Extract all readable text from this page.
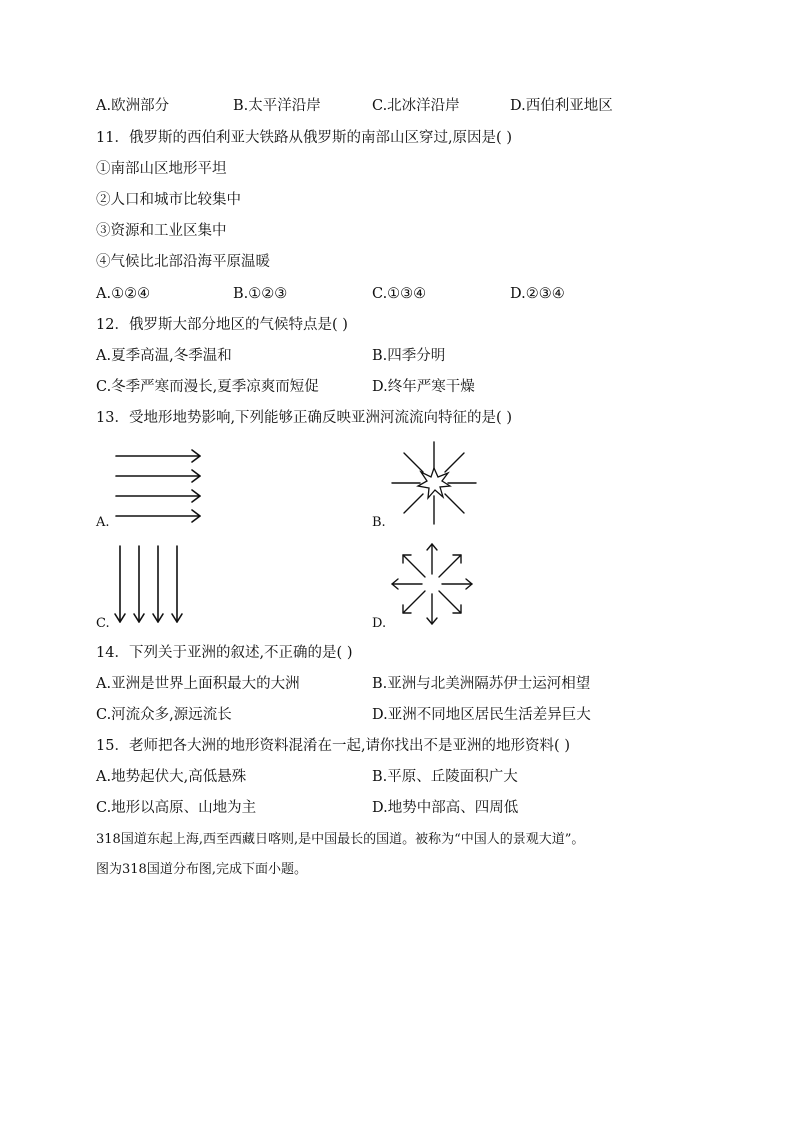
A.欧洲部分	B.太平洋沿岸	C.北冰洋沿岸	D.西伯利亚地区
11．俄罗斯的西伯利亚大铁路从俄罗斯的南部山区穿过,原因是( )
①南部山区地形平坦
②人口和城市比较集中
③资源和工业区集中
④气候比北部沿海平原温暖
A.①②④	B.①②③	C.①③④	D.②③④
12．俄罗斯大部分地区的气候特点是( )
A.夏季高温,冬季温和	B.四季分明
C.冬季严寒而漫长,夏季凉爽而短促	D.终年严寒干燥
13．受地形地势影响,下列能够正确反映亚洲河流流向特征的是( )
A.	B.
C.	D.
14．下列关于亚洲的叙述,不正确的是( )
A.亚洲是世界上面积最大的大洲	B.亚洲与北美洲隔苏伊士运河相望
C.河流众多,源远流长	D.亚洲不同地区居民生活差异巨大
15．老师把各大洲的地形资料混淆在一起,请你找出不是亚洲的地形资料( )
A.地势起伏大,高低悬殊	B.平原、丘陵面积广大
C.地形以高原、山地为主	D.地势中部高、四周低
318国道东起上海,西至西藏日喀则,是中国最长的国道。被称为“中国人的景观大道”。
图为318国道分布图,完成下面小题。
